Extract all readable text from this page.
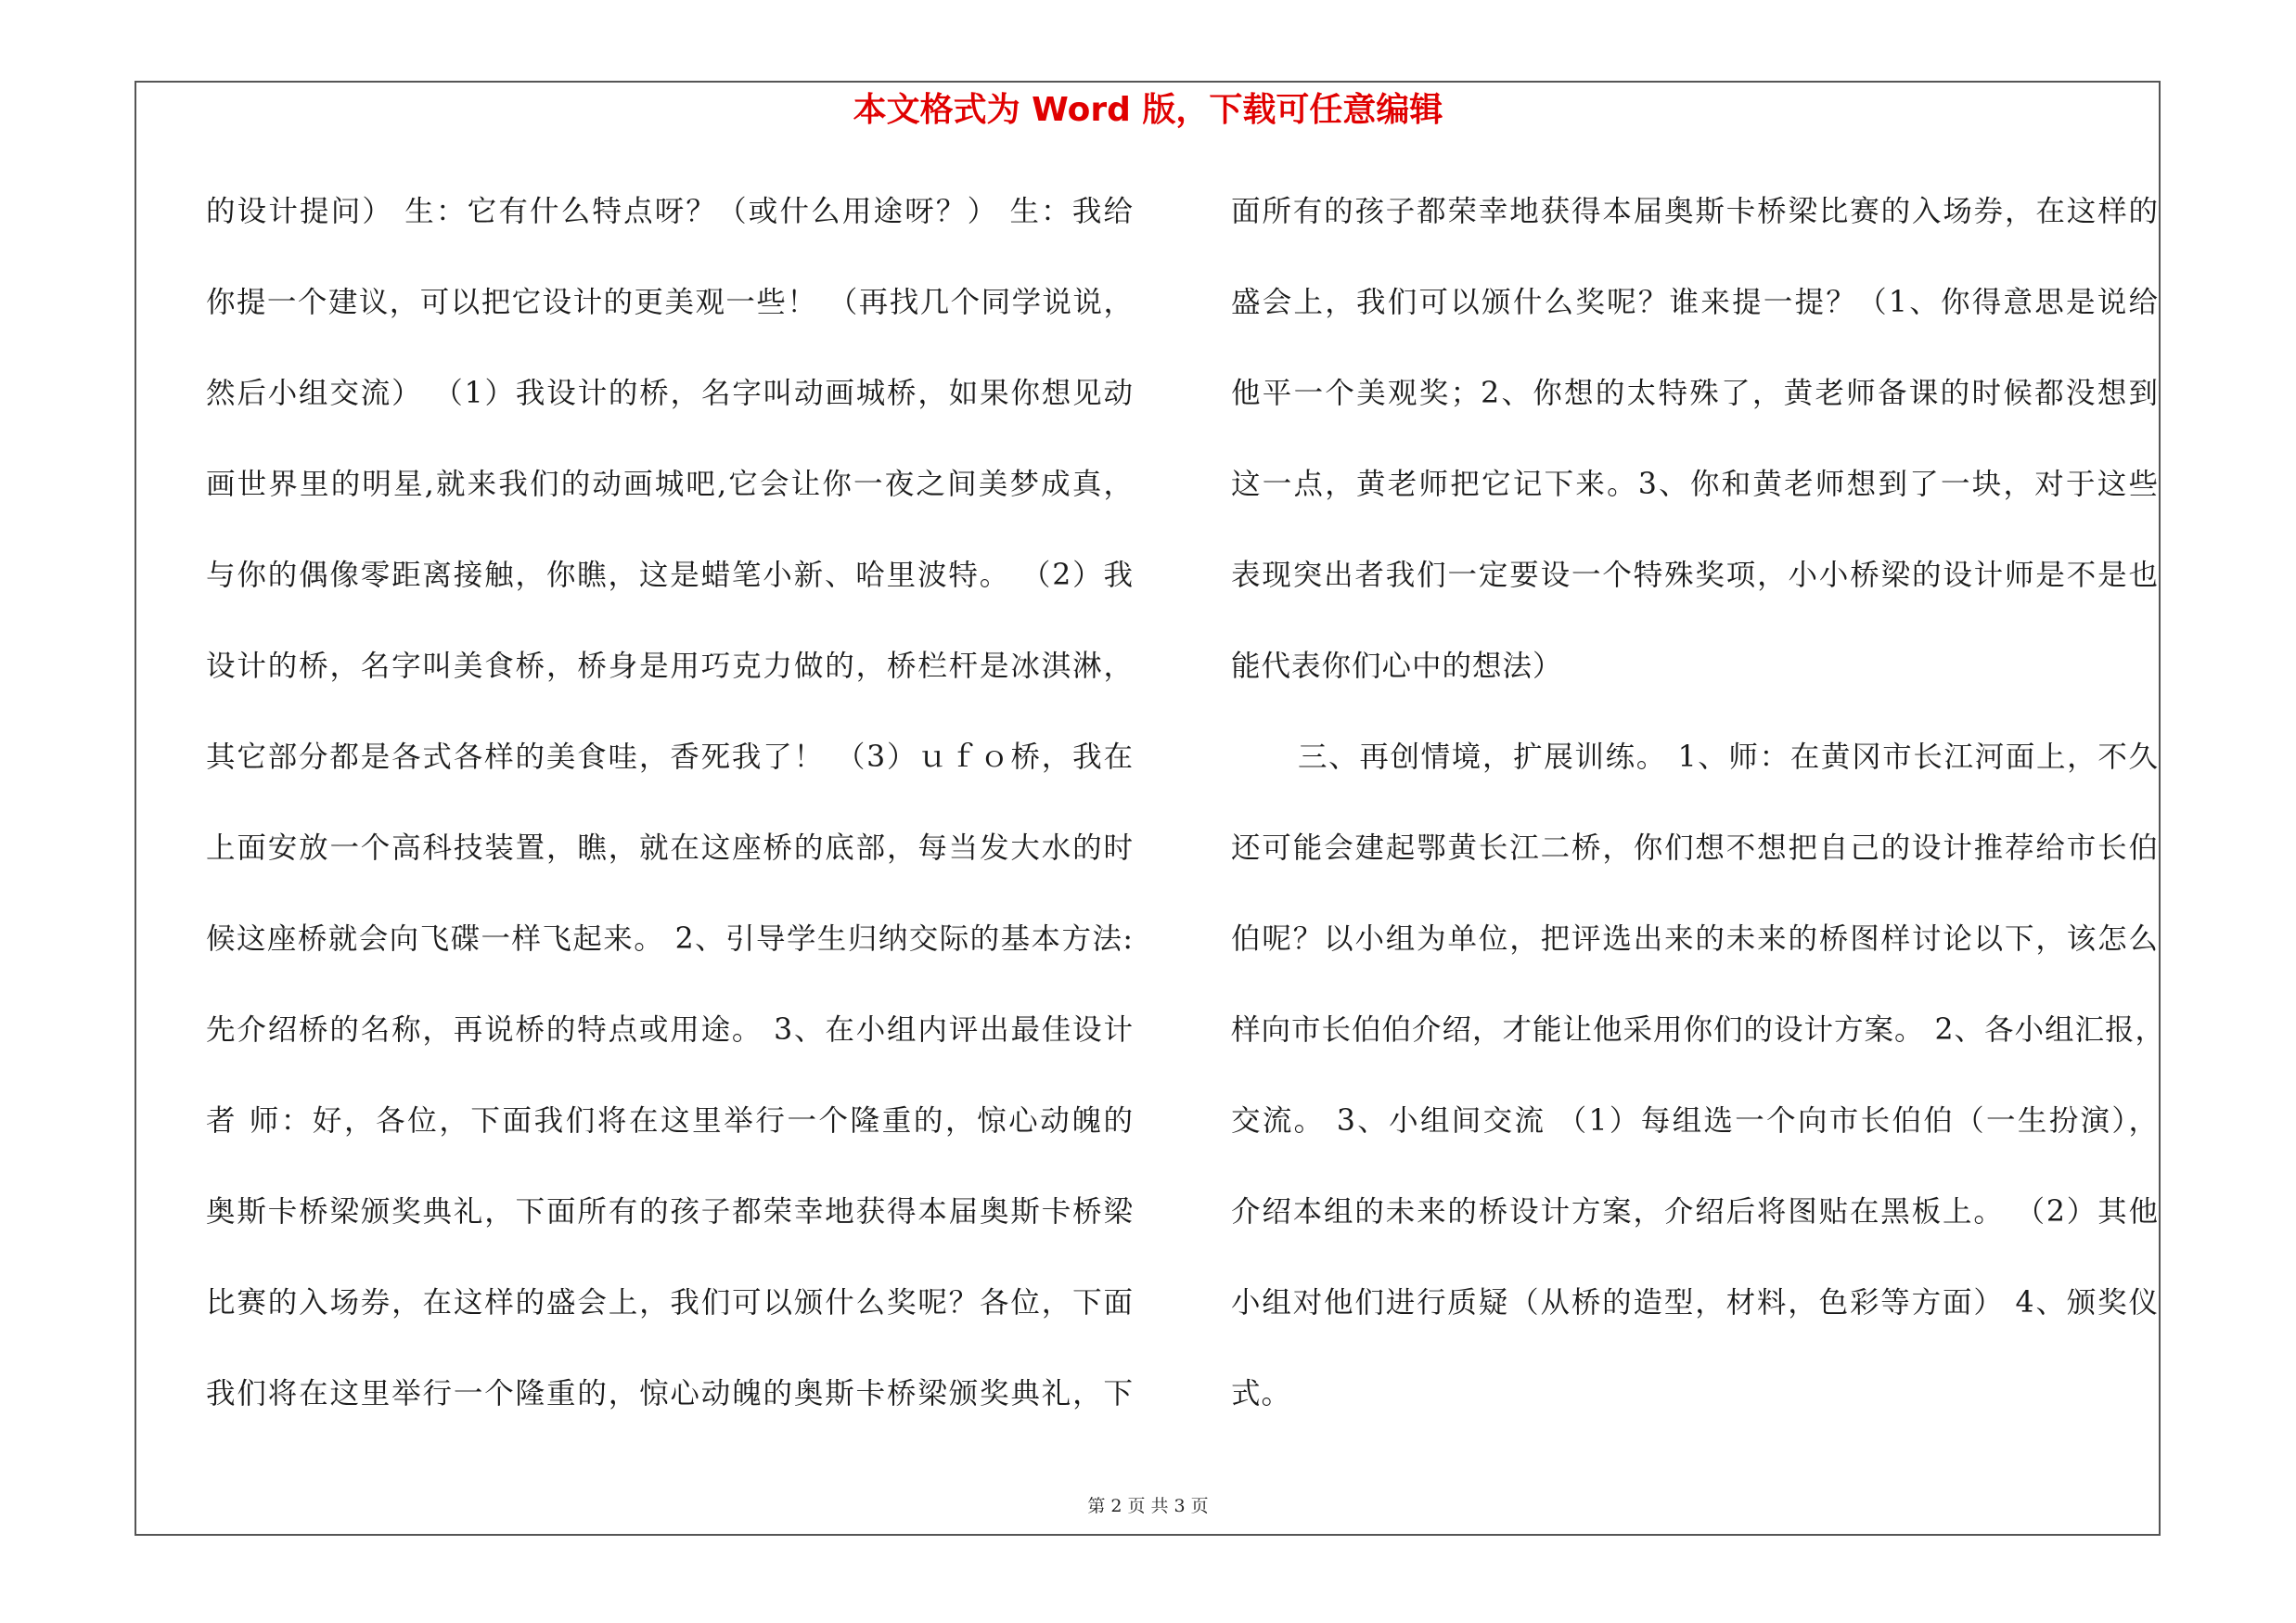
本文格式为 Word 版，下载可任意编辑
的设计提问） 生：它有什么特点呀？（或什么用途呀？） 生：我给
你提一个建议，可以把它设计的更美观一些！ （再找几个同学说说，
然后小组交流） （1）我设计的桥，名字叫动画城桥，如果你想见动
画世界里的明星,就来我们的动画城吧,它会让你一夜之间美梦成真，
与你的偶像零距离接触，你瞧，这是蜡笔小新、哈里波特。 （2）我
设计的桥，名字叫美食桥，桥身是用巧克力做的，桥栏杆是冰淇淋，
其它部分都是各式各样的美食哇，香死我了！ （3）ｕｆｏ桥，我在
上面安放一个高科技装置，瞧，就在这座桥的底部，每当发大水的时
候这座桥就会向飞碟一样飞起来。 2、引导学生归纳交际的基本方法:
先介绍桥的名称，再说桥的特点或用途。 3、在小组内评出最佳设计
者 师：好，各位，下面我们将在这里举行一个隆重的，惊心动魄的
奥斯卡桥梁颁奖典礼，下面所有的孩子都荣幸地获得本届奥斯卡桥梁
比赛的入场券，在这样的盛会上，我们可以颁什么奖呢？各位，下面
我们将在这里举行一个隆重的，惊心动魄的奥斯卡桥梁颁奖典礼，下
面所有的孩子都荣幸地获得本届奥斯卡桥梁比赛的入场券，在这样的
盛会上，我们可以颁什么奖呢？谁来提一提？（1、你得意思是说给
他平一个美观奖；2、你想的太特殊了，黄老师备课的时候都没想到
这一点，黄老师把它记下来。3、你和黄老师想到了一块，对于这些
表现突出者我们一定要设一个特殊奖项，小小桥梁的设计师是不是也
能代表你们心中的想法）
三、再创情境，扩展训练。 1、师：在黄冈市长江河面上，不久
还可能会建起鄂黄长江二桥，你们想不想把自己的设计推荐给市长伯
伯呢？以小组为单位，把评选出来的未来的桥图样讨论以下，该怎么
样向市长伯伯介绍，才能让他采用你们的设计方案。 2、各小组汇报，
交流。 3、小组间交流 （1）每组选一个向市长伯伯（一生扮演），
介绍本组的未来的桥设计方案，介绍后将图贴在黑板上。 （2）其他
小组对他们进行质疑（从桥的造型，材料，色彩等方面） 4、颁奖仪
式。
第 2 页 共 3 页
